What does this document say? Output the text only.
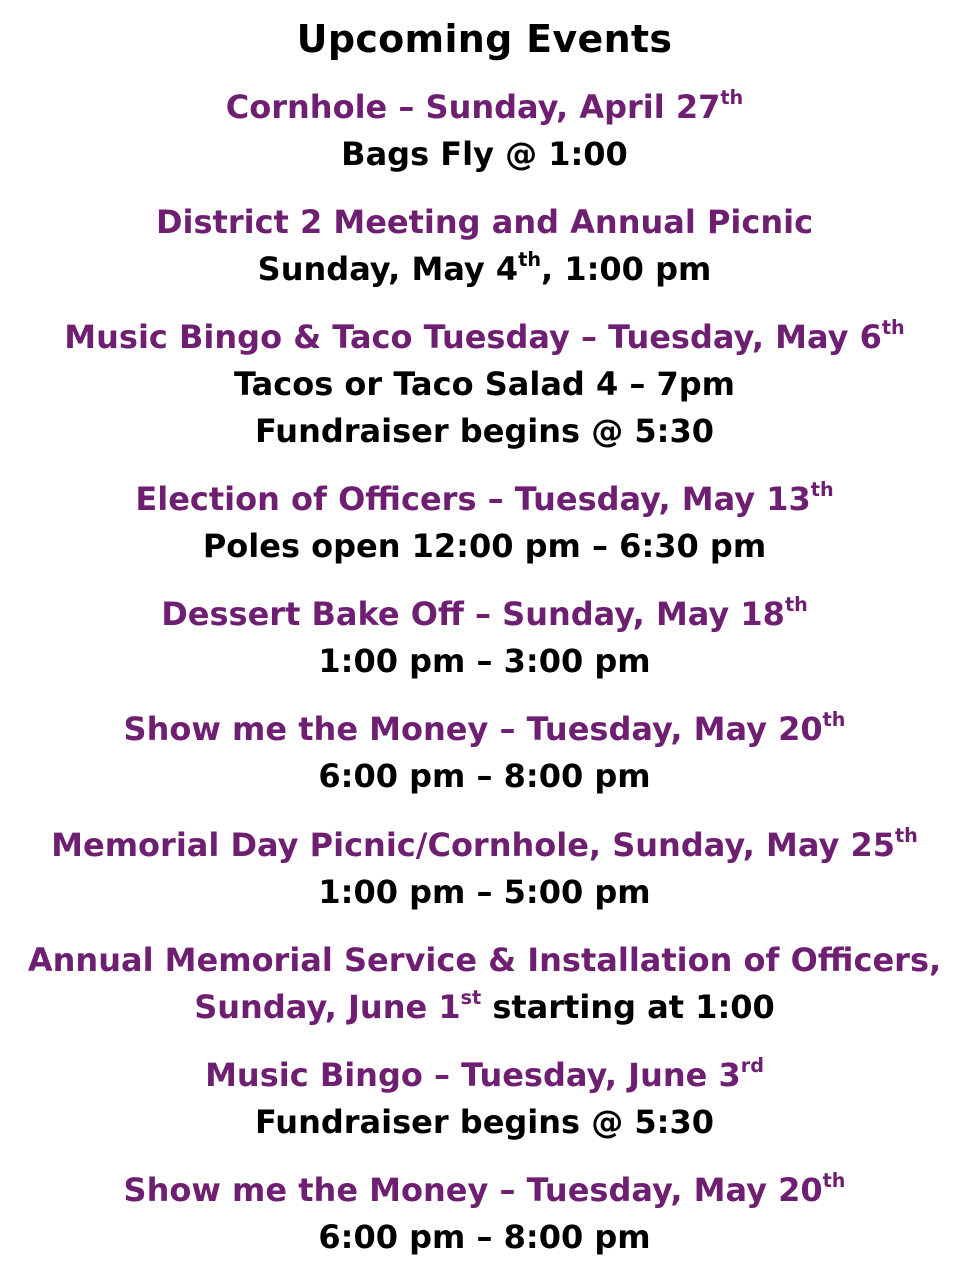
Upcoming Events
Cornhole – Sunday, April 27th
Bags Fly @ 1:00
District 2 Meeting and Annual Picnic
Sunday, May 4th, 1:00 pm
Music Bingo & Taco Tuesday – Tuesday, May 6th
Tacos or Taco Salad 4 – 7pm
Fundraiser begins @ 5:30
Election of Officers – Tuesday, May 13th
Poles open 12:00 pm – 6:30 pm
Dessert Bake Off – Sunday, May 18th
1:00 pm – 3:00 pm
Show me the Money – Tuesday, May 20th
6:00 pm – 8:00 pm
Memorial Day Picnic/Cornhole, Sunday, May 25th
1:00 pm – 5:00 pm
Annual Memorial Service & Installation of Officers,
Sunday, June 1st starting at 1:00
Music Bingo – Tuesday, June 3rd
Fundraiser begins @ 5:30
Show me the Money – Tuesday, May 20th
6:00 pm – 8:00 pm
